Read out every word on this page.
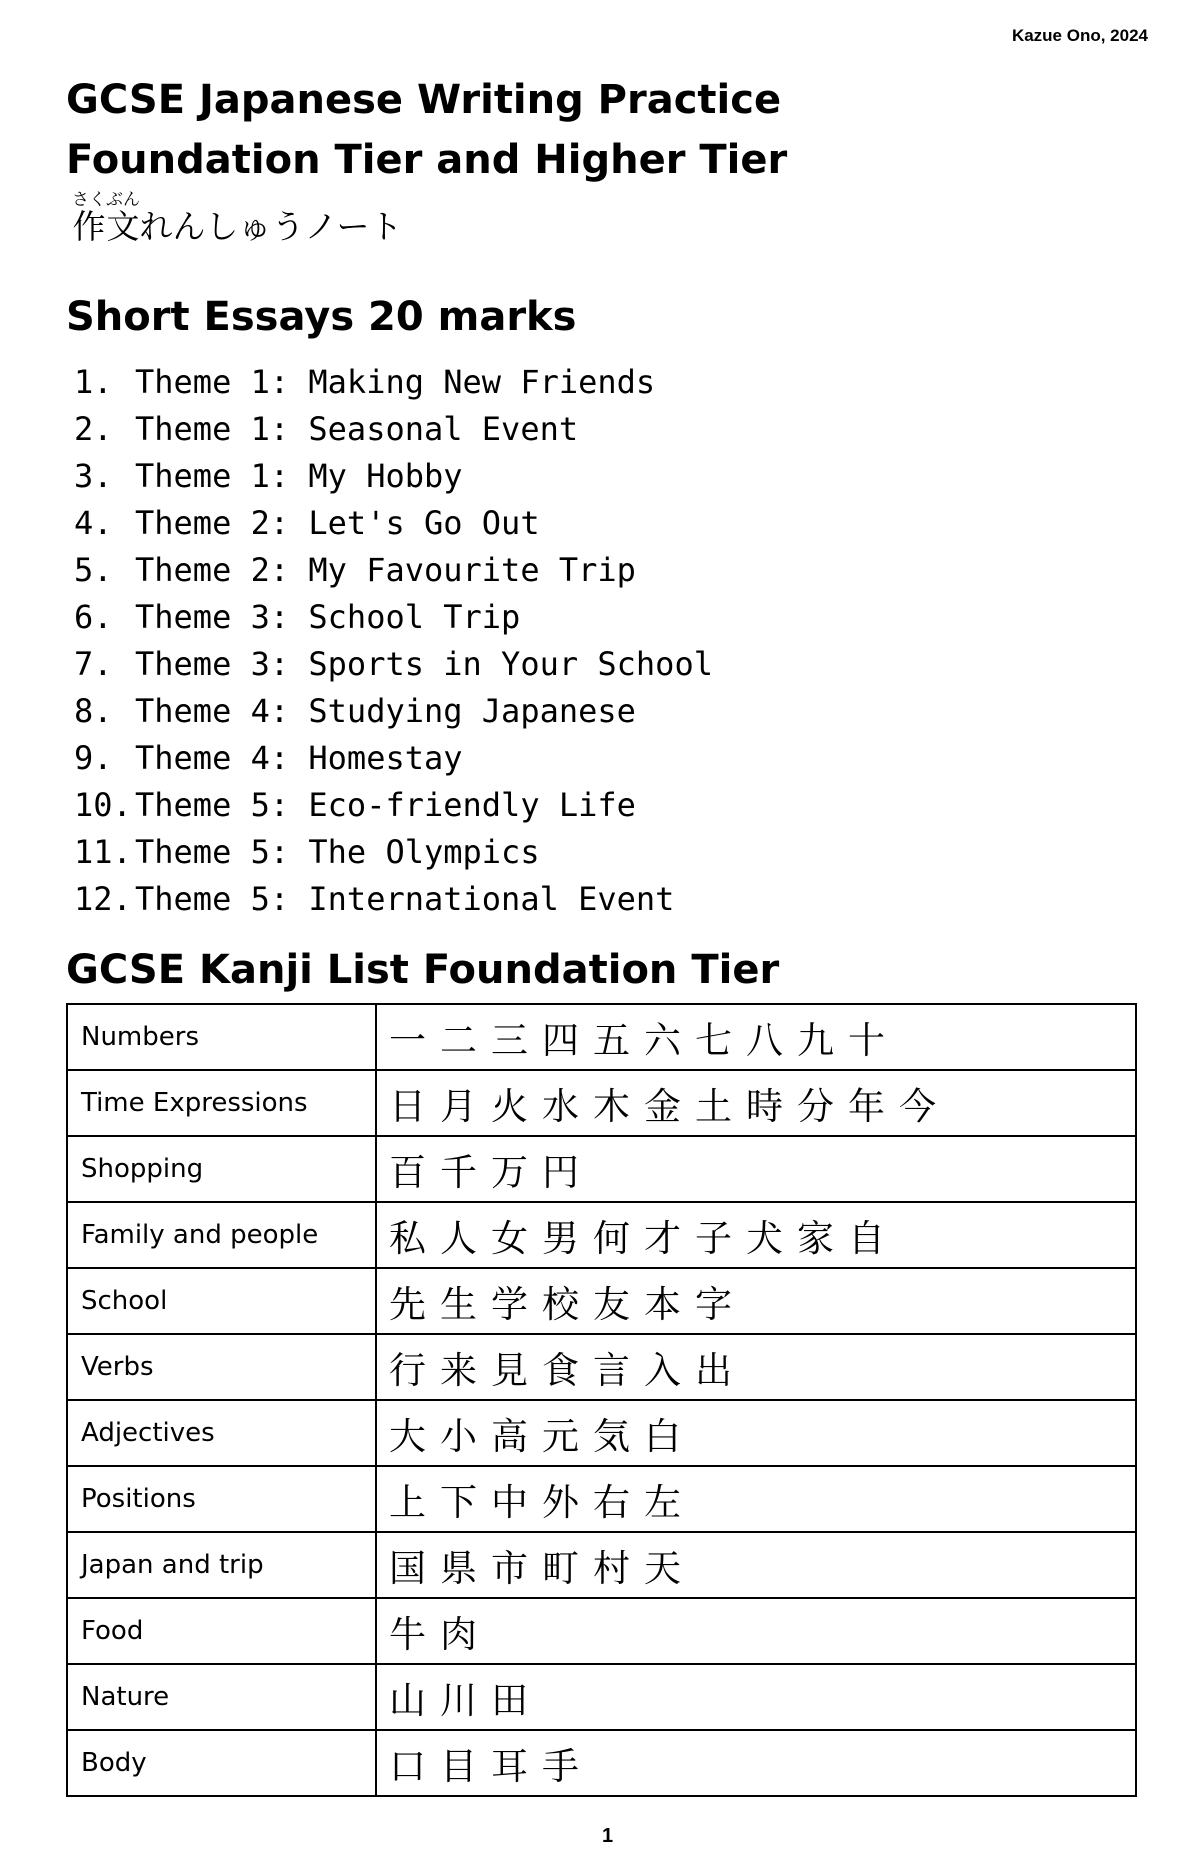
Kazue Ono, 2024
GCSE Japanese Writing Practice
Foundation Tier and Higher Tier
作文さくぶんれんしゅうノート
Short Essays 20 marks
1. Theme 1: Making New Friends
2. Theme 1: Seasonal Event
3. Theme 1: My Hobby
4. Theme 2: Let's Go Out
5. Theme 2: My Favourite Trip
6. Theme 3: School Trip
7. Theme 3: Sports in Your School
8. Theme 4: Studying Japanese
9. Theme 4: Homestay
10. Theme 5: Eco-friendly Life
11. Theme 5: The Olympics
12. Theme 5: International Event
GCSE Kanji List Foundation Tier
Numbers	一二三四五六七八九十
Time Expressions	日月火水木金土時分年今
Shopping	百千万円
Family and people	私人女男何才子犬家自
School	先生学校友本字
Verbs	行来見食言入出
Adjectives	大小高元気白
Positions	上下中外右左
Japan and trip	国県市町村天
Food	牛肉
Nature	山川田
Body	口目耳手
1
